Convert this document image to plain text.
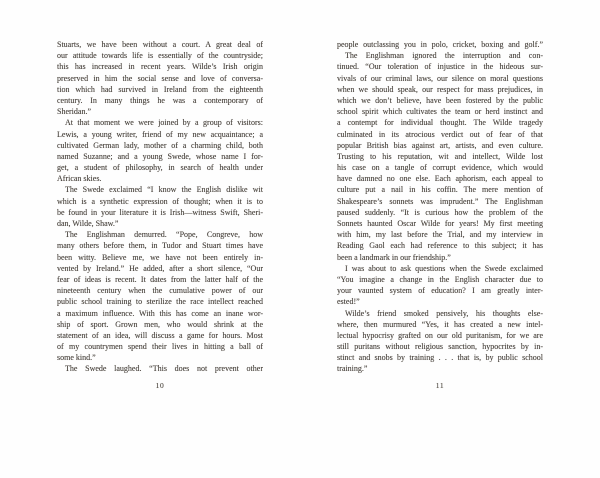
Stuarts, we have been without a court. A great deal of
our attitude towards life is essentially of the countryside;
this has increased in recent years. Wilde’s Irish origin
preserved in him the social sense and love of conversa-
tion which had survived in Ireland from the eighteenth
century. In many things he was a contemporary of
Sheridan.”
At that moment we were joined by a group of visitors:
Lewis, a young writer, friend of my new acquaintance; a
cultivated German lady, mother of a charming child, both
named Suzanne; and a young Swede, whose name I for-
get, a student of philosophy, in search of health under
African skies.
The Swede exclaimed “I know the English dislike wit
which is a synthetic expression of thought; when it is to
be found in your literature it is Irish—witness Swift, Sheri-
dan, Wilde, Shaw.”
The Englishman demurred. “Pope, Congreve, how
many others before them, in Tudor and Stuart times have
been witty. Believe me, we have not been entirely in-
vented by Ireland.” He added, after a short silence, “Our
fear of ideas is recent. It dates from the latter half of the
nineteenth century when the cumulative power of our
public school training to sterilize the race intellect reached
a maximum influence. With this has come an inane wor-
ship of sport. Grown men, who would shrink at the
statement of an idea, will discuss a game for hours. Most
of my countrymen spend their lives in hitting a ball of
some kind.”
The Swede laughed. “This does not prevent other
10
people outclassing you in polo, cricket, boxing and golf.”
The Englishman ignored the interruption and con-
tinued. “Our toleration of injustice in the hideous sur-
vivals of our criminal laws, our silence on moral questions
when we should speak, our respect for mass prejudices, in
which we don’t believe, have been fostered by the public
school spirit which cultivates the team or herd instinct and
a contempt for individual thought. The Wilde tragedy
culminated in its atrocious verdict out of fear of that
popular British bias against art, artists, and even culture.
Trusting to his reputation, wit and intellect, Wilde lost
his case on a tangle of corrupt evidence, which would
have damned no one else. Each aphorism, each appeal to
culture put a nail in his coffin. The mere mention of
Shakespeare’s sonnets was imprudent.” The Englishman
paused suddenly. “It is curious how the problem of the
Sonnets haunted Oscar Wilde for years! My first meeting
with him, my last before the Trial, and my interview in
Reading Gaol each had reference to this subject; it has
been a landmark in our friendship.”
I was about to ask questions when the Swede exclaimed
“You imagine a change in the English character due to
your vaunted system of education? I am greatly inter-
ested!”
Wilde’s friend smoked pensively, his thoughts else-
where, then murmured “Yes, it has created a new intel-
lectual hypocrisy grafted on our old puritanism, for we are
still puritans without religious sanction, hypocrites by in-
stinct and snobs by training . . . that is, by public school
training.”
11
